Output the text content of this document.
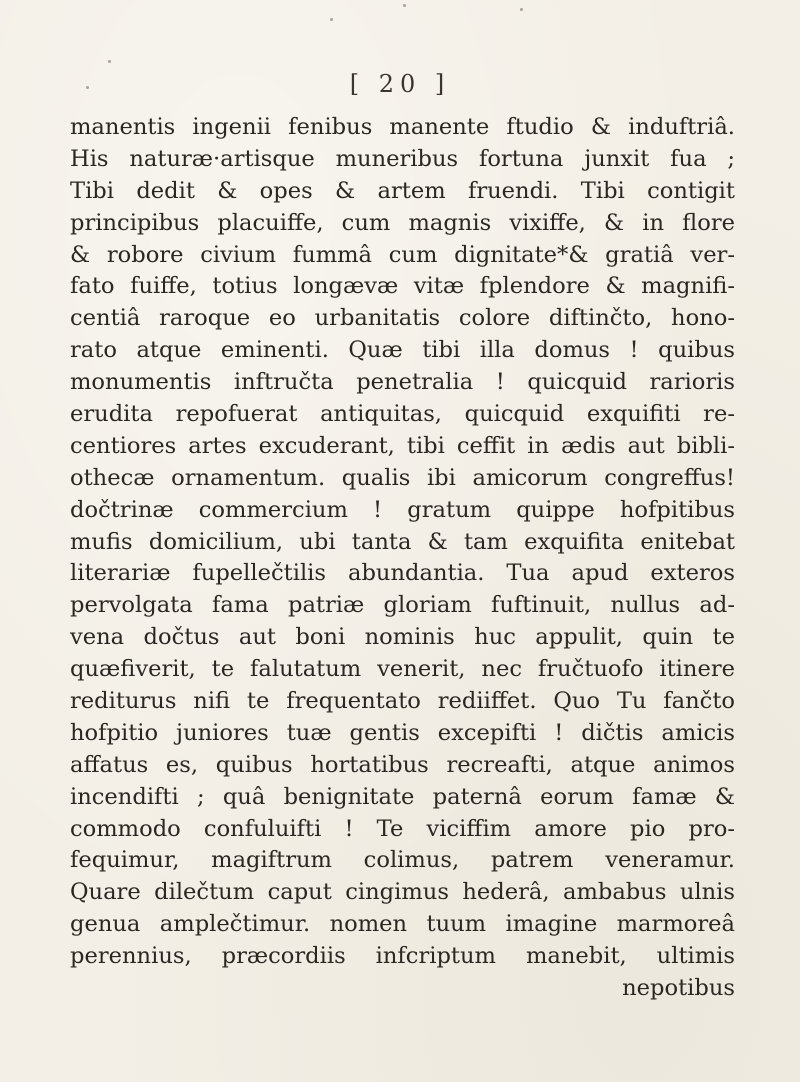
[ 20 ]
manentis ingenii fenibus manente ftudio & induftriâ.
His naturæ·artisque muneribus fortuna junxit fua ;
Tibi dedit & opes & artem fruendi. Tibi contigit
principibus placuiffe, cum magnis vixiffe, & in flore
& robore civium fummâ cum dignitate*& gratiâ ver-
fato fuiffe, totius longævæ vitæ fplendore & magnifi-
centiâ raroque eo urbanitatis colore diftinčto, hono-
rato atque eminenti. Quæ tibi illa domus ! quibus
monumentis inftručta penetralia ! quicquid rarioris
erudita repofuerat antiquitas, quicquid exquifiti re-
centiores artes excuderant, tibi ceffit in ædis aut bibli-
othecæ ornamentum. qualis ibi amicorum congreffus!
dočtrinæ commercium ! gratum quippe hofpitibus
mufis domicilium, ubi tanta & tam exquifita enitebat
literariæ fupellečtilis abundantia. Tua apud exteros
pervolgata fama patriæ gloriam fuftinuit, nullus ad-
vena dočtus aut boni nominis huc appulit, quin te
quæfiverit, te falutatum venerit, nec fručtuofo itinere
rediturus nifi te frequentato rediiffet. Quo Tu fančto
hofpitio juniores tuæ gentis excepifti ! dičtis amicis
affatus es, quibus hortatibus recreafti, atque animos
incendifti ; quâ benignitate paternâ eorum famæ &
commodo confuluifti ! Te viciffim amore pio pro-
fequimur, magiftrum colimus, patrem veneramur.
Quare dilečtum caput cingimus hederâ, ambabus ulnis
genua amplečtimur. nomen tuum imagine marmoreâ
perennius, præcordiis infcriptum manebit, ultimis
nepotibus
